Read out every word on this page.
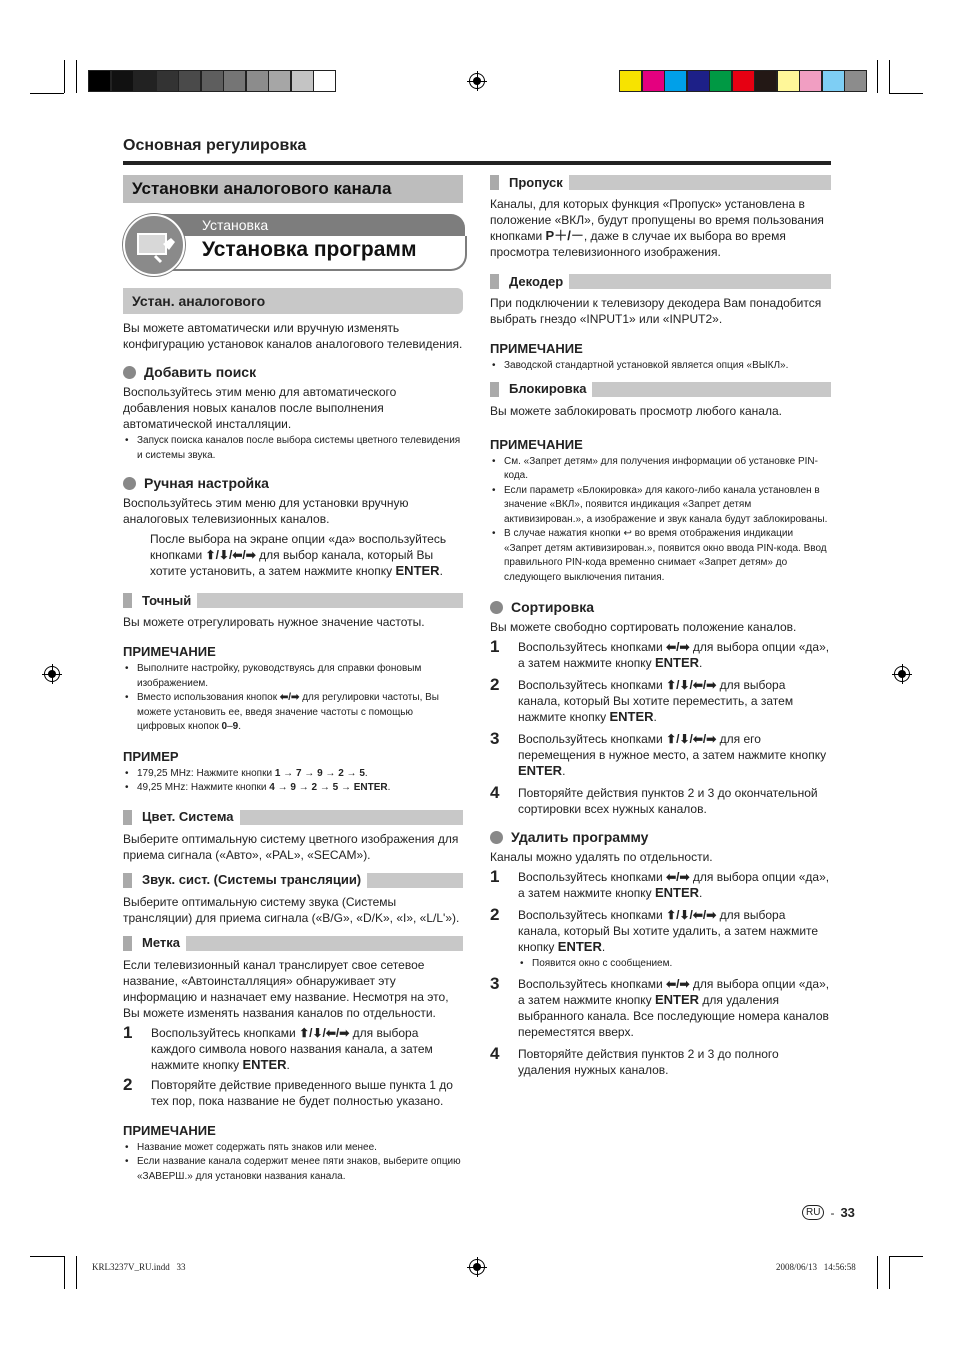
Основная регулировка
Установки аналогового канала
Установка
Установка программ
Устан. аналогового

Вы можете автоматически или вручную изменять конфигурацию установок каналов аналогового телевидения.

Добавить поиск

Воспользуйтесь этим меню для автоматического добавления новых каналов после выполнения автоматической инсталляции.

• Запуск поиска каналов после выбора системы цветного телевидения и системы звука.
Ручная настройка

Воспользуйтесь этим меню для установки вручную аналоговых телевизионных каналов.

После выбора на экране опции «да» воспользуйтесь кнопками ⬆/⬇/⬅/➡ для выбор канала, который Вы хотите установить, а затем нажмите кнопку ENTER.

Точный

Вы можете отрегулировать нужное значение частоты.

ПРИМЕЧАНИЕ
• Выполните настройку, руководствуясь для справки фоновым изображением.
• Вместо использования кнопок ⬅/➡ для регулировки частоты, Вы можете установить ее, введя значение частоты с помощью цифровых кнопок 0–9.
ПРИМЕР
• 179,25 MHz: Нажмите кнопки 1 → 7 → 9 → 2 → 5.
• 49,25 MHz: Нажмите кнопки 4 → 9 → 2 → 5 → ENTER.
Цвет. Система

Выберите оптимальную систему цветного изображения для приема сигнала («Авто», «PAL», «SECAM»).

Звук. сист. (Системы трансляции)

Выберите оптимальную систему звука (Системы трансляции) для приема сигнала («B/G», «D/K», «I», «L/L'»).

Метка

Если телевизионный канал транслирует свое сетевое название, «Автоинсталляция» обнаруживает эту информацию и назначает ему название. Несмотря на это, Вы можете изменять названия каналов по отдельности.

1	Воспользуйтесь кнопками ⬆/⬇/⬅/➡ для выбора каждого символа нового названия канала, а затем нажмите кнопку ENTER.
2	Повторяйте действие приведенного выше пункта 1 до тех пор, пока название не будет полностью указано.
ПРИМЕЧАНИЕ
• Название может содержать пять знаков или менее.
• Если название канала содержит менее пяти знаков, выберите опцию «ЗАВЕРШ.» для установки названия канала.
Пропуск

Каналы, для которых функция «Пропуск» установлена в положение «ВКЛ», будут пропущены во время пользования кнопками P＋/－, даже в случае их выбора во время просмотра телевизионного изображения.

Декодер

При подключении к телевизору декодера Вам понадобится выбрать гнездо «INPUT1» или «INPUT2».

ПРИМЕЧАНИЕ
• Заводской стандартной установкой является опция «ВЫКЛ».
Блокировка

Вы можете заблокировать просмотр любого канала.

ПРИМЕЧАНИЕ
• См. «Запрет детям» для получения информации об установке PIN-кода.
• Если параметр «Блокировка» для какого-либо канала установлен в значение «ВКЛ», появится индикация «Запрет детям активизирован.», а изображение и звук канала будут заблокированы.
• В случае нажатия кнопки ↩ во время отображения индикации «Запрет детям активизирован.», появится окно ввода PIN-кода. Ввод правильного PIN-кода временно снимает «Запрет детям» до следующего выключения питания.
Сортировка

Вы можете свободно сортировать положение каналов.

1	Воспользуйтесь кнопками ⬅/➡ для выбора опции «да», а затем нажмите кнопку ENTER.
2	Воспользуйтесь кнопками ⬆/⬇/⬅/➡ для выбора канала, который Вы хотите переместить, а затем нажмите кнопку ENTER.
3	Воспользуйтесь кнопками ⬆/⬇/⬅/➡ для его перемещения в нужное место, а затем нажмите кнопку ENTER.
4	Повторяйте действия пунктов 2 и 3 до окончательной сортировки всех нужных каналов.
Удалить программу

Каналы можно удалять по отдельности.

1	Воспользуйтесь кнопками ⬅/➡ для выбора опции «да», а затем нажмите кнопку ENTER.
2	Воспользуйтесь кнопками ⬆/⬇/⬅/➡ для выбора канала, который Вы хотите удалить, а затем нажмите кнопку ENTER.
• Появится окно с сообщением.
3	Воспользуйтесь кнопками ⬅/➡ для выбора опции «да», а затем нажмите кнопку ENTER для удаления выбранного канала. Все последующие номера каналов переместятся вверх.
4	Повторяйте действия пунктов 2 и 3 до полного удаления нужных каналов.
RU - 33
KRL3237V_RU.indd   33	2008/06/13   14:56:58
